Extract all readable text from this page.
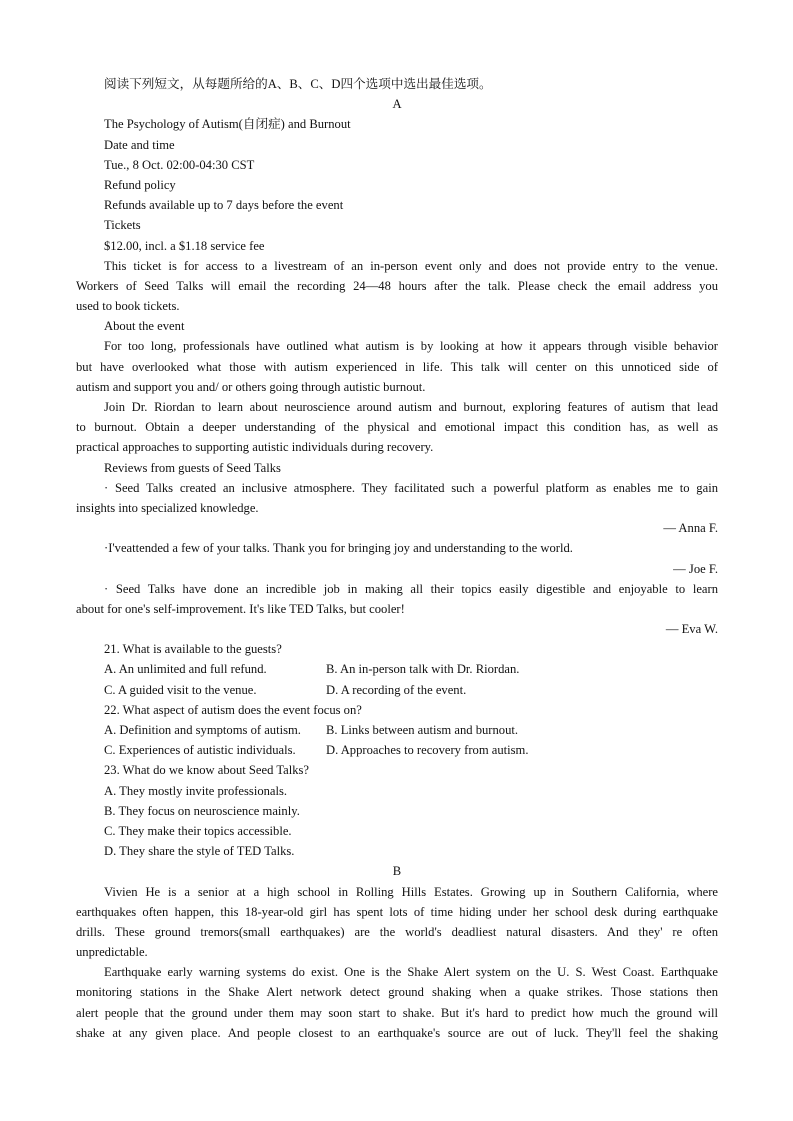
阅读下列短文，从每题所给的A、B、C、D四个选项中选出最佳选项。
A
The Psychology of Autism(自闭症) and Burnout
Date and time
Tue., 8 Oct. 02:00-04:30 CST
Refund policy
Refunds available up to 7 days before the event
Tickets
$12.00, incl. a $1.18 service fee
This ticket is for access to a livestream of an in-person event only and does not provide entry to the venue.
Workers of Seed Talks will email the recording 24—48 hours after the talk. Please check the email address you
used to book tickets.
About the event
For too long, professionals have outlined what autism is by looking at how it appears through visible behavior
but have overlooked what those with autism experienced in life. This talk will center on this unnoticed side of
autism and support you and/ or others going through autistic burnout.
Join Dr. Riordan to learn about neuroscience around autism and burnout, exploring features of autism that lead
to burnout. Obtain a deeper understanding of the physical and emotional impact this condition has, as well as
practical approaches to supporting autistic individuals during recovery.
Reviews from guests of Seed Talks
· Seed Talks created an inclusive atmosphere. They facilitated such a powerful platform as enables me to gain
insights into specialized knowledge.
— Anna F.
·I'veattended a few of your talks. Thank you for bringing joy and understanding to the world.
— Joe F.
· Seed Talks have done an incredible job in making all their topics easily digestible and enjoyable to learn
about for one's self-improvement. It's like TED Talks, but cooler!
— Eva W.
21. What is available to the guests?
A. An unlimited and full refund.	B. An in-person talk with Dr. Riordan.
C. A guided visit to the venue.	D. A recording of the event.
22. What aspect of autism does the event focus on?
A. Definition and symptoms of autism. B. Links between autism and burnout.
C. Experiences of autistic individuals. D. Approaches to recovery from autism.
23. What do we know about Seed Talks?
A. They mostly invite professionals.
B. They focus on neuroscience mainly.
C. They make their topics accessible.
D. They share the style of TED Talks.
B
Vivien He is a senior at a high school in Rolling Hills Estates. Growing up in Southern California, where
earthquakes often happen, this 18-year-old girl has spent lots of time hiding under her school desk during earthquake
drills. These ground tremors(small earthquakes) are the world's deadliest natural disasters. And they' re often
unpredictable.
Earthquake early warning systems do exist. One is the Shake Alert system on the U. S. West Coast. Earthquake
monitoring stations in the Shake Alert network detect ground shaking when a quake strikes. Those stations then
alert people that the ground under them may soon start to shake. But it's hard to predict how much the ground will
shake at any given place. And people closest to an earthquake's source are out of luck. They'll feel the shaking
